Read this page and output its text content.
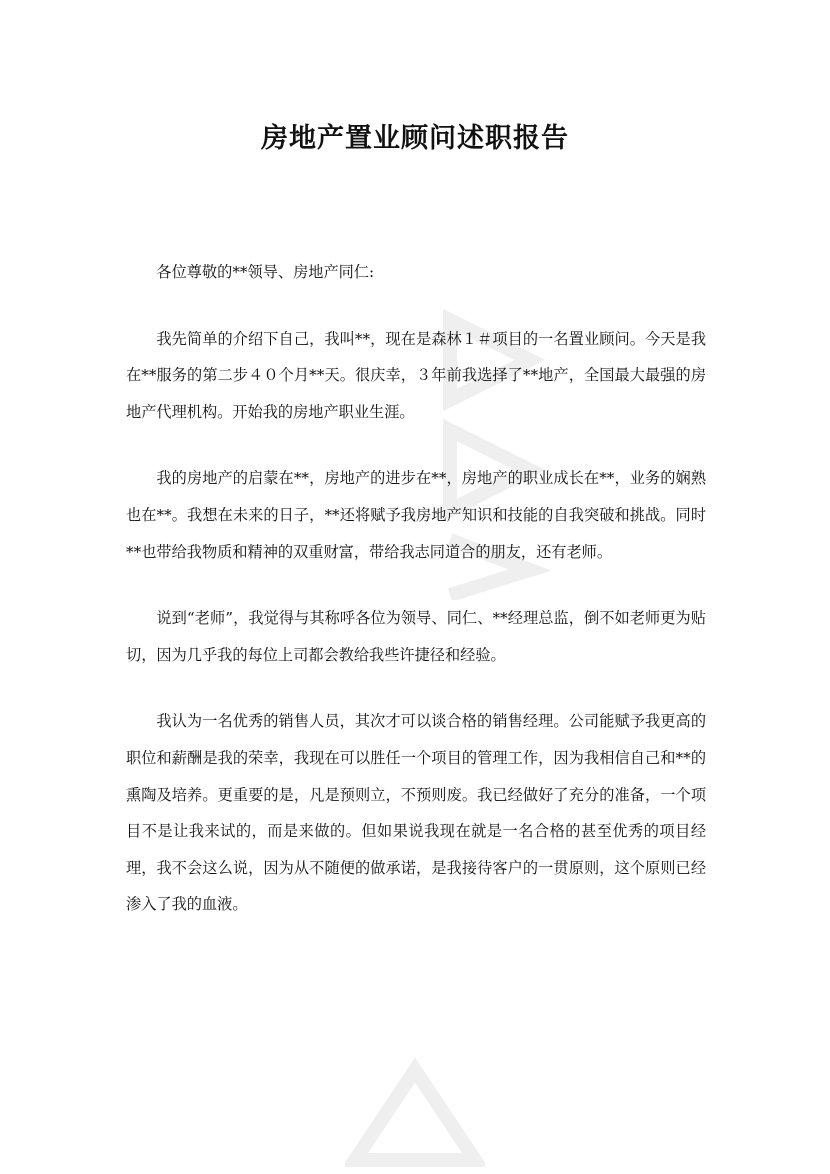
房地产置业顾问述职报告

各位尊敬的**领导、房地产同仁:

我先简单的介绍下自己，我叫**，现在是森林１＃项目的一名置业顾问。今天是我在**服务的第二步４０个月**天。很庆幸，３年前我选择了**地产，全国最大最强的房地产代理机构。开始我的房地产职业生涯。

我的房地产的启蒙在**，房地产的进步在**，房地产的职业成长在**，业务的娴熟也在**。我想在未来的日子，**还将赋予我房地产知识和技能的自我突破和挑战。同时**也带给我物质和精神的双重财富，带给我志同道合的朋友，还有老师。

说到“老师”，我觉得与其称呼各位为领导、同仁、**经理总监，倒不如老师更为贴切，因为几乎我的每位上司都会教给我些许捷径和经验。

我认为一名优秀的销售人员，其次才可以谈合格的销售经理。公司能赋予我更高的职位和薪酬是我的荣幸，我现在可以胜任一个项目的管理工作，因为我相信自己和**的熏陶及培养。更重要的是，凡是预则立，不预则废。我已经做好了充分的准备，一个项目不是让我来试的，而是来做的。但如果说我现在就是一名合格的甚至优秀的项目经理，我不会这么说，因为从不随便的做承诺，是我接待客户的一贯原则，这个原则已经渗入了我的血液。
